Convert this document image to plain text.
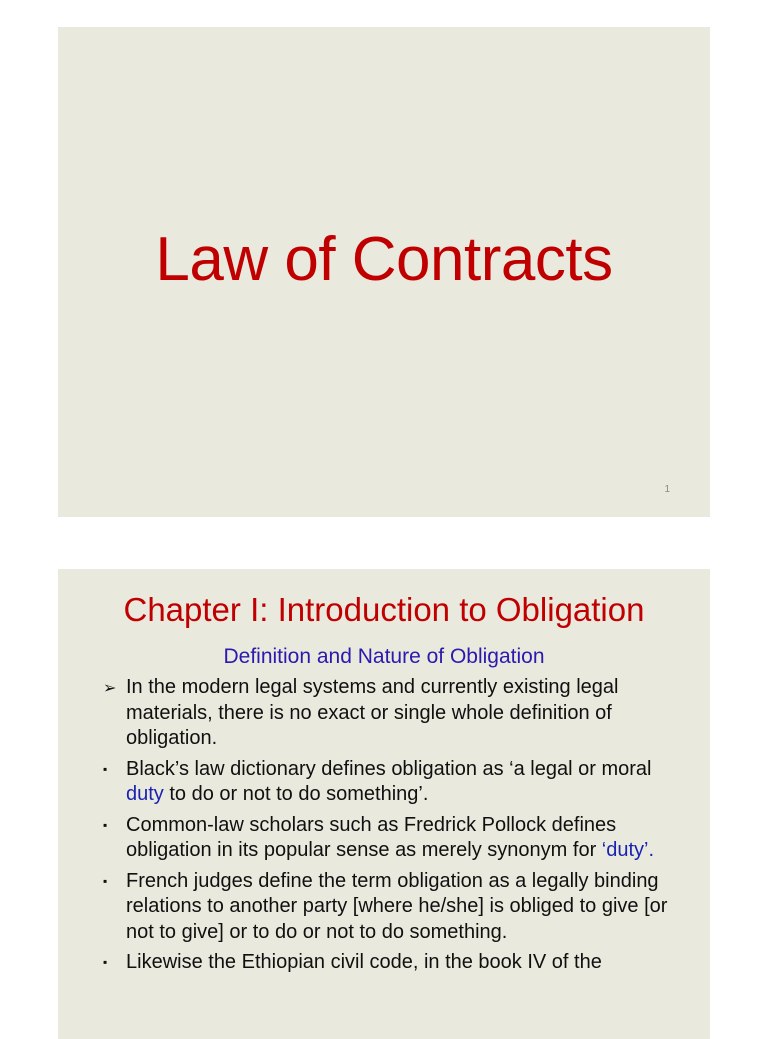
Law of Contracts
1
Chapter I: Introduction to Obligation
Definition and Nature of Obligation
➢ In the modern legal systems and currently existing legal materials, there is no exact or single whole definition of obligation.
▪ Black’s law dictionary defines obligation as ‘a legal or moral duty to do or not to do something’.
▪ Common-law scholars such as Fredrick Pollock defines obligation in its popular sense as merely synonym for ‘duty’.
▪ French judges define the term obligation as a legally binding relations to another party [where he/she] is obliged to give [or not to give] or to do or not to do something.
▪ Likewise the Ethiopian civil code, in the book IV of the
